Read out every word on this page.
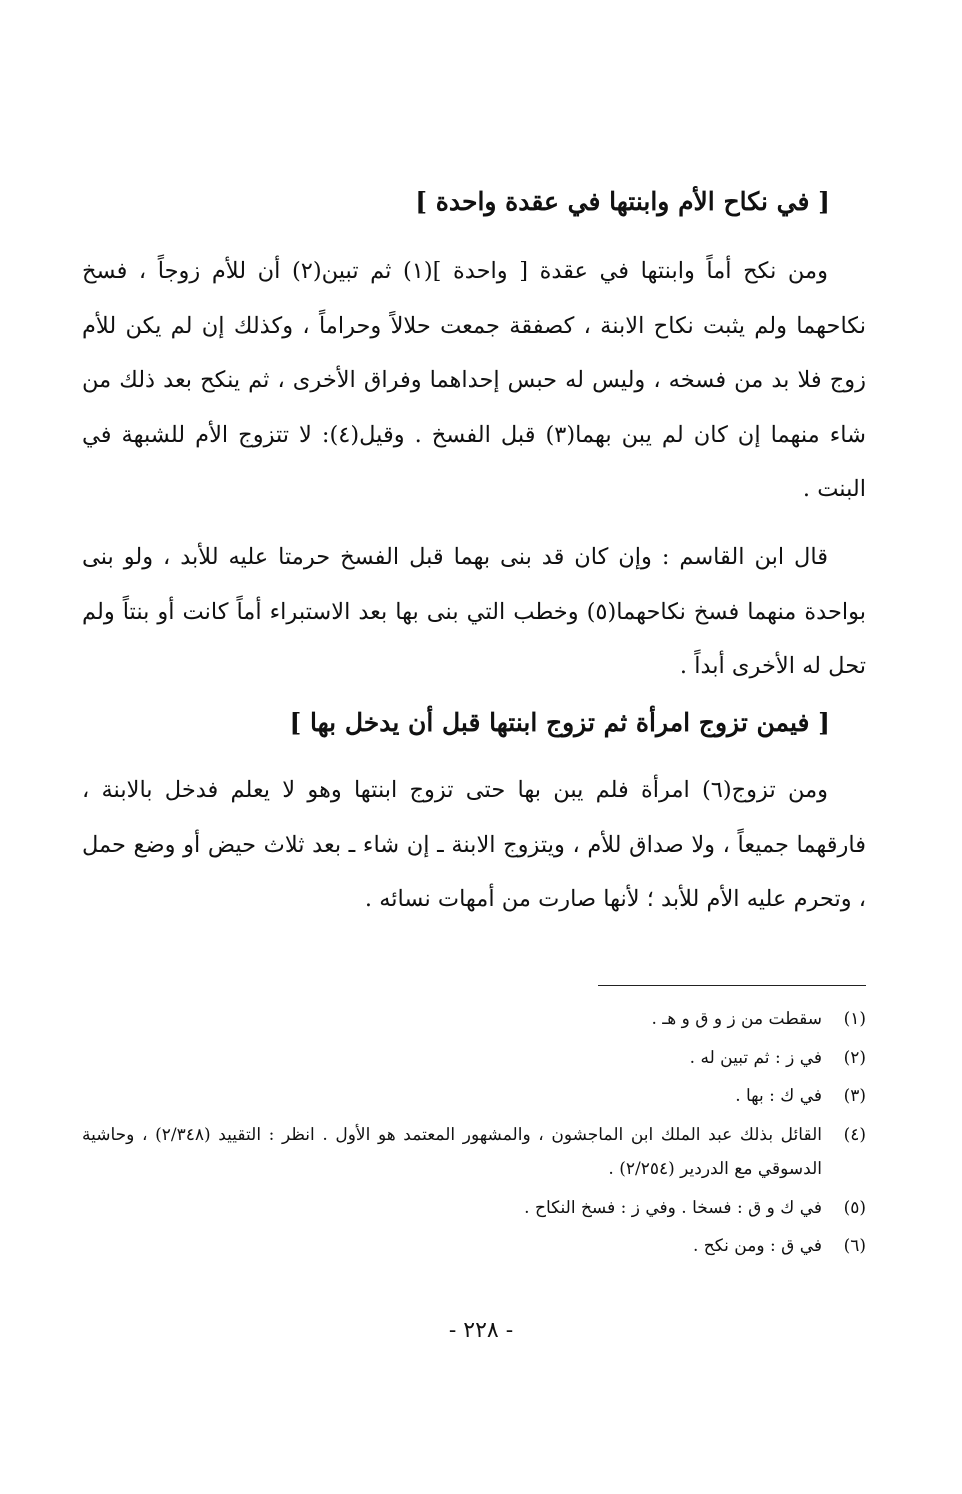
[ في نكاح الأم وابنتها في عقدة واحدة ]
ومن نكح أماً وابنتها في عقدة [ واحدة ](١) ثم تبين(٢) أن للأم زوجاً ، فسخ نكاحهما ولم يثبت نكاح الابنة ، كصفقة جمعت حلالاً وحراماً ، وكذلك إن لم يكن للأم زوج فلا بد من فسخه ، وليس له حبس إحداهما وفراق الأخرى ، ثم ينكح بعد ذلك من شاء منهما إن كان لم يبن بهما(٣) قبل الفسخ . وقيل(٤): لا تتزوج الأم للشبهة في البنت .
قال ابن القاسم : وإن كان قد بنى بهما قبل الفسخ حرمتا عليه للأبد ، ولو بنى بواحدة منهما فسخ نكاحهما(٥) وخطب التي بنى بها بعد الاستبراء أماً كانت أو بنتاً ولم تحل له الأخرى أبداً .
[ فيمن تزوج امرأة ثم تزوج ابنتها قبل أن يدخل بها ]
ومن تزوج(٦) امرأة فلم يبن بها حتى تزوج ابنتها وهو لا يعلم فدخل بالابنة ، فارقهما جميعاً ، ولا صداق للأم ، ويتزوج الابنة ـ إن شاء ـ بعد ثلاث حيض أو وضع حمل ، وتحرم عليه الأم للأبد ؛ لأنها صارت من أمهات نسائه .
(١)
سقطت من ز و ق و هـ .
(٢)
في ز : ثم تبين له .
(٣)
في ك : بها .
(٤)
القائل بذلك عبد الملك ابن الماجشون ، والمشهور المعتمد هو الأول . انظر : التقييد (٢/٣٤٨) ، وحاشية الدسوقي مع الدردير (٢/٢٥٤) .
(٥)
في ك و ق : فسخا . وفي ز : فسخ النكاح .
(٦)
في ق : ومن نكح .
- ٢٢٨ -
